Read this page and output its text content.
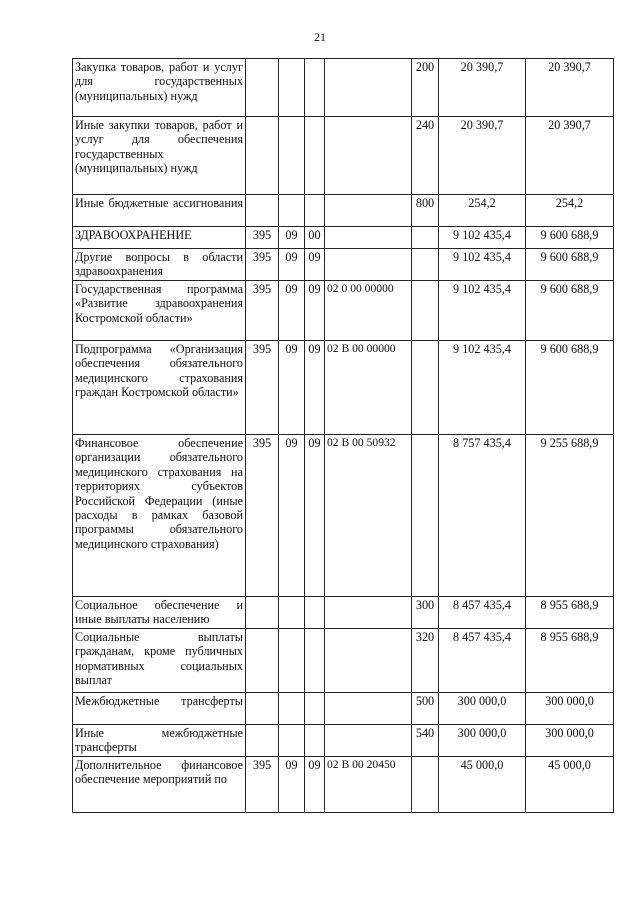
21
Закупка товаров, работ и услуг для государственных (муниципальных) нужд					200	20 390,7	20 390,7
Иные закупки товаров, работ и услуг для обеспечения государственных (муниципальных) нужд					240	20 390,7	20 390,7
Иные бюджетные ассигнования					800	254,2	254,2
ЗДРАВООХРАНЕНИЕ	395	09	00			9 102 435,4	9 600 688,9
Другие вопросы в области здравоохранения	395	09	09			9 102 435,4	9 600 688,9
Государственная программа «Развитие здравоохранения Костромской области»	395	09	09	02 0 00 00000		9 102 435,4	9 600 688,9
Подпрограмма «Организация обеспечения обязательного медицинского страхования граждан Костромской области»	395	09	09	02 В 00 00000		9 102 435,4	9 600 688,9
Финансовое обеспечение организации обязательного медицинского страхования на территориях субъектов Российской Федерации (иные расходы в рамках базовой программы обязательного медицинского страхования)	395	09	09	02 В 00 50932		8 757 435,4	9 255 688,9
Социальное обеспечение и иные выплаты населению					300	8 457 435,4	8 955 688,9
Социальные выплаты гражданам, кроме публичных нормативных социальных выплат					320	8 457 435,4	8 955 688,9
Межбюджетные трансферты					500	300 000,0	300 000,0
Иные межбюджетные трансферты					540	300 000,0	300 000,0
Дополнительное финансовое обеспечение мероприятий по	395	09	09	02 В 00 20450		45 000,0	45 000,0
